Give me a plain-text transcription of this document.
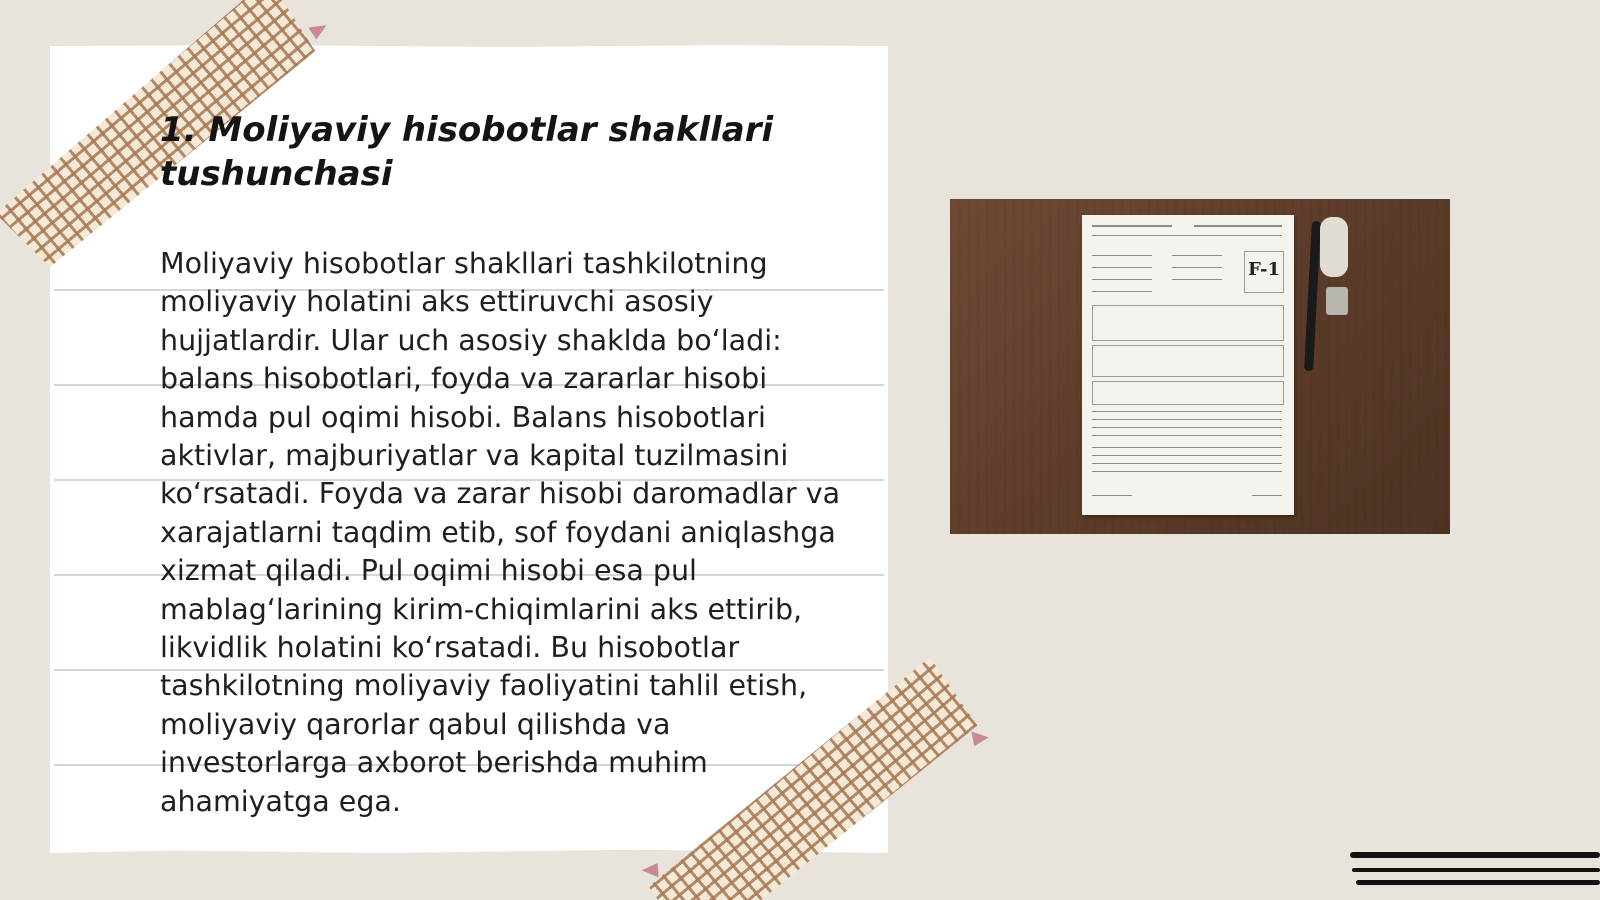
1. Moliyaviy hisobotlar shakllari tushunchasi

Moliyaviy hisobotlar shakllari tashkilotning moliyaviy holatini aks ettiruvchi asosiy hujjatlardir. Ular uch asosiy shaklda bo‘ladi: balans hisobotlari, foyda va zararlar hisobi hamda pul oqimi hisobi. Balans hisobotlari aktivlar, majburiyatlar va kapital tuzilmasini ko‘rsatadi. Foyda va zarar hisobi daromadlar va xarajatlarni taqdim etib, sof foydani aniqlashga xizmat qiladi. Pul oqimi hisobi esa pul mablag‘larining kirim-chiqimlarini aks ettirib, likvidlik holatini ko‘rsatadi. Bu hisobotlar tashkilotning moliyaviy faoliyatini tahlil etish, moliyaviy qarorlar qabul qilishda va investorlarga axborot berishda muhim ahamiyatga ega.

F-1
